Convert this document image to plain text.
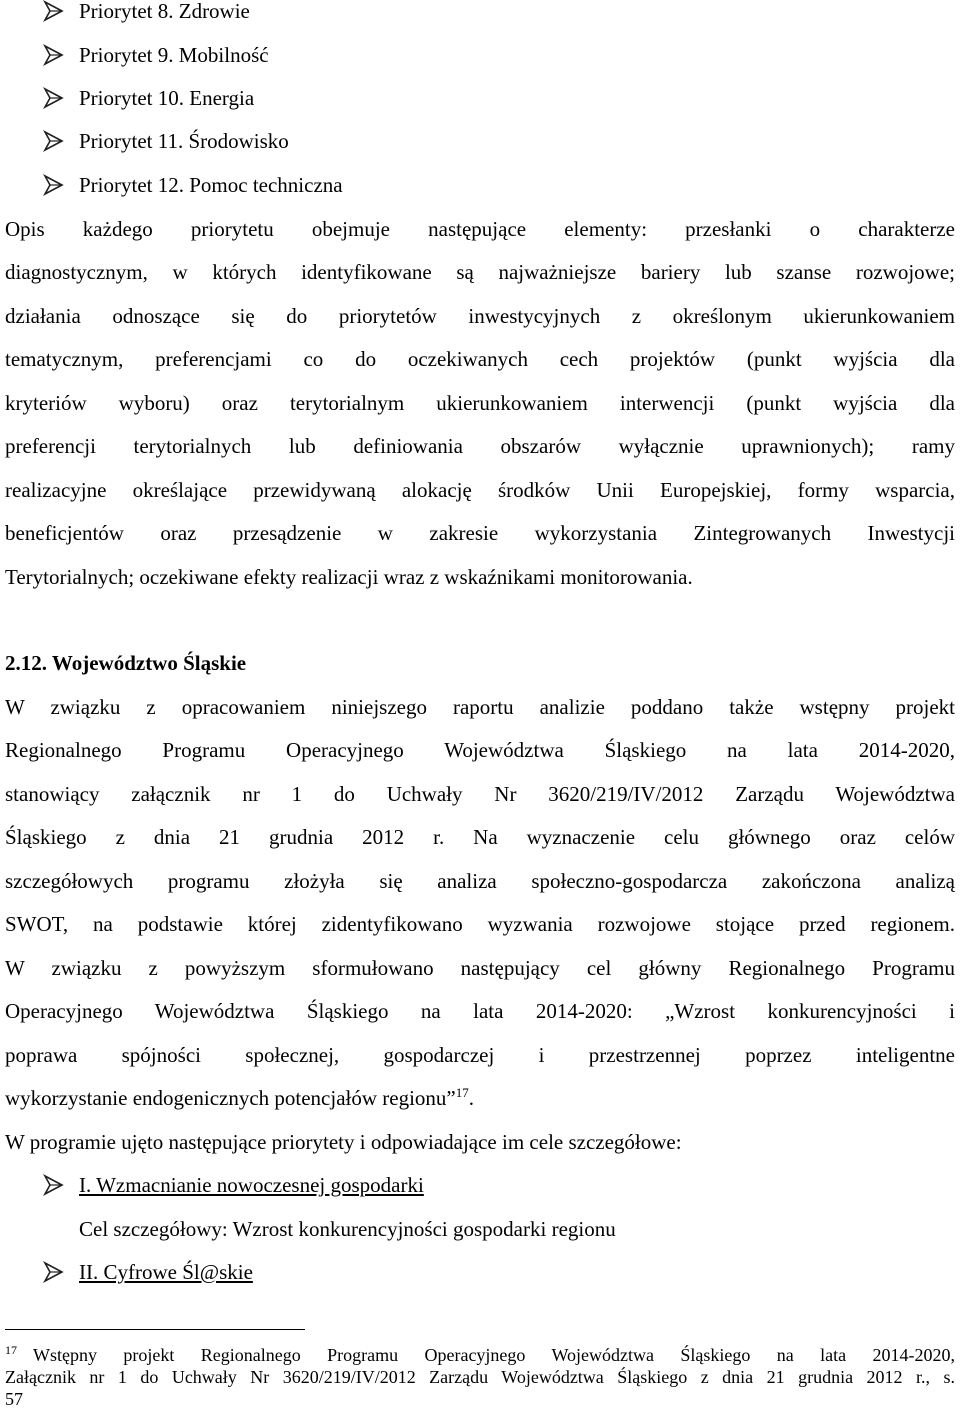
Priorytet 8. Zdrowie
Priorytet 9. Mobilność
Priorytet 10. Energia
Priorytet 11. Środowisko
Priorytet 12. Pomoc techniczna
Opis każdego priorytetu obejmuje następujące elementy: przesłanki o charakterze
diagnostycznym, w których identyfikowane są najważniejsze bariery lub szanse rozwojowe;
działania odnoszące się do priorytetów inwestycyjnych z określonym ukierunkowaniem
tematycznym, preferencjami co do oczekiwanych cech projektów (punkt wyjścia dla
kryteriów wyboru) oraz terytorialnym ukierunkowaniem interwencji (punkt wyjścia dla
preferencji terytorialnych lub definiowania obszarów wyłącznie uprawnionych); ramy
realizacyjne określające przewidywaną alokację środków Unii Europejskiej, formy wsparcia,
beneficjentów oraz przesądzenie w zakresie wykorzystania Zintegrowanych Inwestycji
Terytorialnych; oczekiwane efekty realizacji wraz z wskaźnikami monitorowania.
2.12. Województwo Śląskie
W związku z opracowaniem niniejszego raportu analizie poddano także wstępny projekt
Regionalnego Programu Operacyjnego Województwa Śląskiego na lata 2014-2020,
stanowiący załącznik nr 1 do Uchwały Nr 3620/219/IV/2012 Zarządu Województwa
Śląskiego z dnia 21 grudnia 2012 r. Na wyznaczenie celu głównego oraz celów
szczegółowych programu złożyła się analiza społeczno-gospodarcza zakończona analizą
SWOT, na podstawie której zidentyfikowano wyzwania rozwojowe stojące przed regionem.
W związku z powyższym sformułowano następujący cel główny Regionalnego Programu
Operacyjnego Województwa Śląskiego na lata 2014-2020: „Wzrost konkurencyjności i
poprawa spójności społecznej, gospodarczej i przestrzennej poprzez inteligentne
wykorzystanie endogenicznych potencjałów regionu”$^{17}$.
W programie ujęto następujące priorytety i odpowiadające im cele szczegółowe:
I. Wzmacnianie nowoczesnej gospodarki
Cel szczegółowy: Wzrost konkurencyjności gospodarki regionu
II. Cyfrowe Śl@skie
$^{17}$ Wstępny projekt Regionalnego Programu Operacyjnego Województwa Śląskiego na lata 2014-2020,
Załącznik nr 1 do Uchwały Nr 3620/219/IV/2012 Zarządu Województwa Śląskiego z dnia 21 grudnia 2012 r., s.
57
